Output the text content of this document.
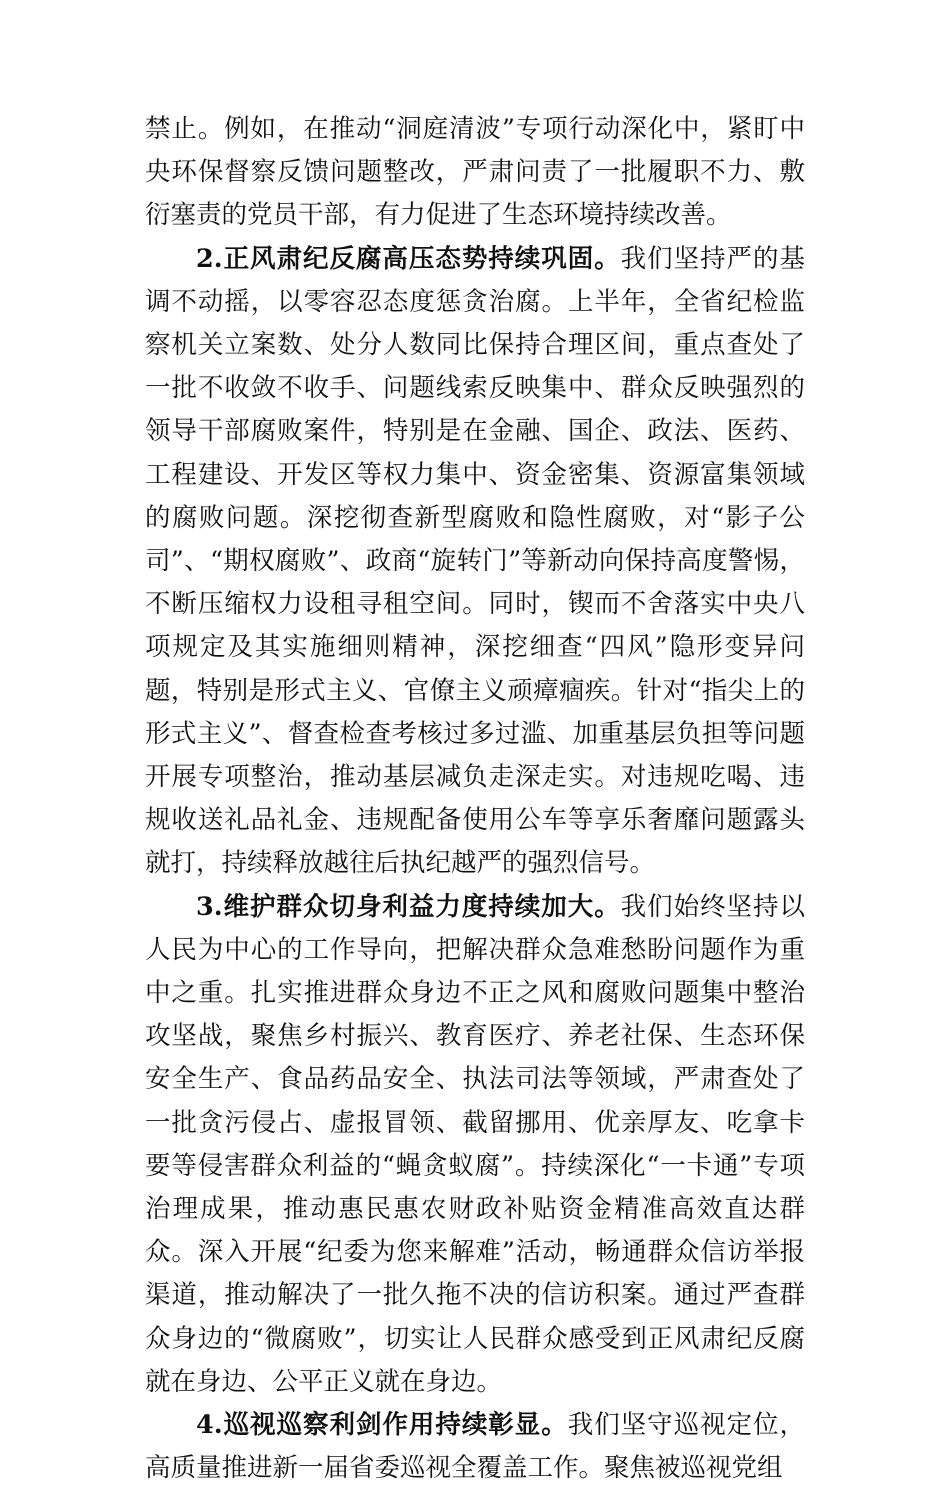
禁止。例如，在推动“洞庭清波”专项行动深化中，紧盯中央环保督察反馈问题整改，严肃问责了一批履职不力、敷衍塞责的党员干部，有力促进了生态环境持续改善。

2.正风肃纪反腐高压态势持续巩固。我们坚持严的基调不动摇，以零容忍态度惩贪治腐。上半年，全省纪检监察机关立案数、处分人数同比保持合理区间，重点查处了一批不收敛不收手、问题线索反映集中、群众反映强烈的领导干部腐败案件，特别是在金融、国企、政法、医药、工程建设、开发区等权力集中、资金密集、资源富集领域的腐败问题。深挖彻查新型腐败和隐性腐败，对“影子公司”、“期权腐败”、政商“旋转门”等新动向保持高度警惕，不断压缩权力设租寻租空间。同时，锲而不舍落实中央八项规定及其实施细则精神，深挖细查“四风”隐形变异问题，特别是形式主义、官僚主义顽瘴痼疾。针对“指尖上的形式主义”、督查检查考核过多过滥、加重基层负担等问题开展专项整治，推动基层减负走深走实。对违规吃喝、违规收送礼品礼金、违规配备使用公车等享乐奢靡问题露头就打，持续释放越往后执纪越严的强烈信号。

3.维护群众切身利益力度持续加大。我们始终坚持以人民为中心的工作导向，把解决群众急难愁盼问题作为重中之重。扎实推进群众身边不正之风和腐败问题集中整治攻坚战，聚焦乡村振兴、教育医疗、养老社保、生态环保安全生产、食品药品安全、执法司法等领域，严肃查处了一批贪污侵占、虚报冒领、截留挪用、优亲厚友、吃拿卡要等侵害群众利益的“蝇贪蚁腐”。持续深化“一卡通”专项治理成果，推动惠民惠农财政补贴资金精准高效直达群众。深入开展“纪委为您来解难”活动，畅通群众信访举报渠道，推动解决了一批久拖不决的信访积案。通过严查群众身边的“微腐败”，切实让人民群众感受到正风肃纪反腐就在身边、公平正义就在身边。

4.巡视巡察利剑作用持续彰显。我们坚守巡视定位，高质量推进新一届省委巡视全覆盖工作。聚焦被巡视党组
